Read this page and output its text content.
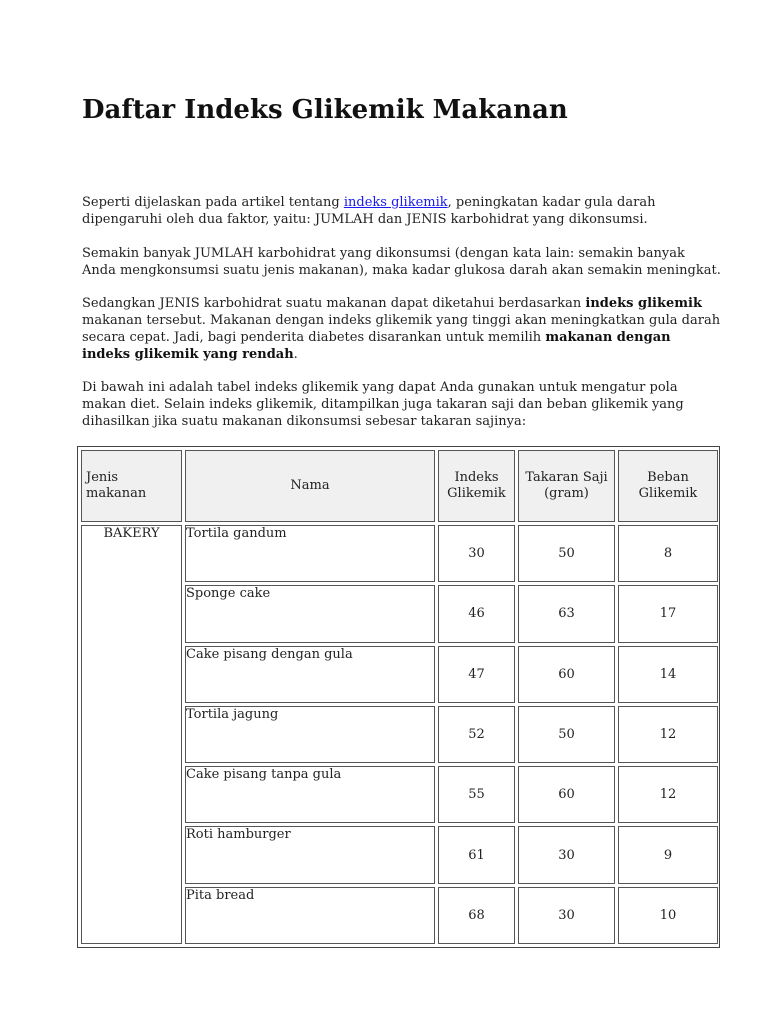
Daftar Indeks Glikemik Makanan

Seperti dijelaskan pada artikel tentang indeks glikemik, peningkatan kadar gula darah dipengaruhi oleh dua faktor, yaitu: JUMLAH dan JENIS karbohidrat yang dikonsumsi.

Semakin banyak JUMLAH karbohidrat yang dikonsumsi (dengan kata lain: semakin banyak Anda mengkonsumsi suatu jenis makanan), maka kadar glukosa darah akan semakin meningkat.

Sedangkan JENIS karbohidrat suatu makanan dapat diketahui berdasarkan indeks glikemik makanan tersebut. Makanan dengan indeks glikemik yang tinggi akan meningkatkan gula darah secara cepat. Jadi, bagi penderita diabetes disarankan untuk memilih makanan dengan indeks glikemik yang rendah.

Di bawah ini adalah tabel indeks glikemik yang dapat Anda gunakan untuk mengatur pola makan diet. Selain indeks glikemik, ditampilkan juga takaran saji dan beban glikemik yang dihasilkan jika suatu makanan dikonsumsi sebesar takaran sajinya:

Jenis makanan	Nama	Indeks Glikemik	Takaran Saji (gram)	Beban Glikemik
BAKERY	Tortila gandum	30	50	8
	Sponge cake	46	63	17
	Cake pisang dengan gula	47	60	14
	Tortila jagung	52	50	12
	Cake pisang tanpa gula	55	60	12
	Roti hamburger	61	30	9
	Pita bread	68	30	10
